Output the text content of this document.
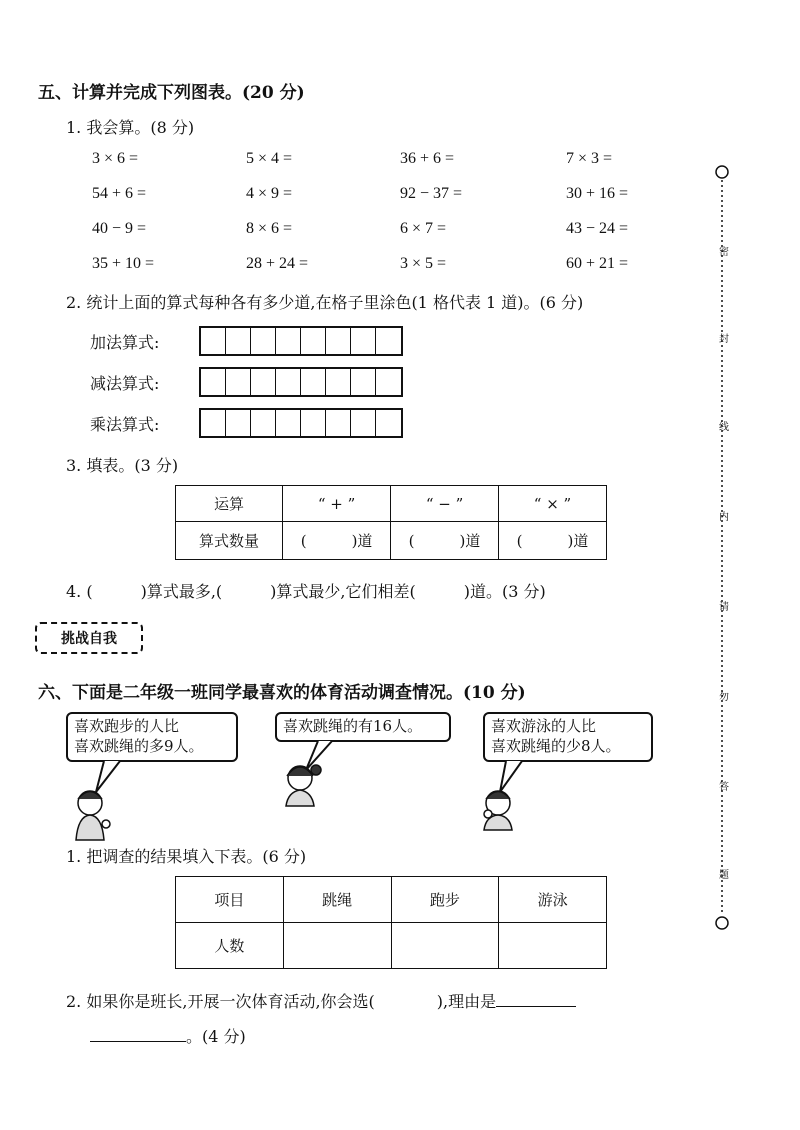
五、计算并完成下列图表。(20 分)
1. 我会算。(8 分)
3 × 6 =	5 × 4 =	36 + 6 =	7 × 3 =
54 + 6 =	4 × 9 =	92 − 37 =	30 + 16 =
40 − 9 =	8 × 6 =	6 × 7 =	43 − 24 =
35 + 10 =	28 + 24 =	3 × 5 =	60 + 21 =
2. 统计上面的算式每种各有多少道,在格子里涂色(1 格代表 1 道)。(6 分)
加法算式:
减法算式:
乘法算式:
3. 填表。(3 分)
运算	“ + ”	“ − ”	“ × ”
算式数量	(　　　)道	(　　　)道	(　　　)道
4. (　　　)算式最多,(　　　)算式最少,它们相差(　　　)道。(3 分)
挑战自我
六、下面是二年级一班同学最喜欢的体育活动调查情况。(10 分)
喜欢跑步的人比
喜欢跳绳的多9人。
喜欢跳绳的有16人。	喜欢游泳的人比
喜欢跳绳的少8人。
1. 把调查的结果填入下表。(6 分)
项目	跳绳	跑步	游泳
人数			
2. 如果你是班长,开展一次体育活动,你会选(	),理由是
。(4 分)
密
封
线
内
请
勿
答
题
